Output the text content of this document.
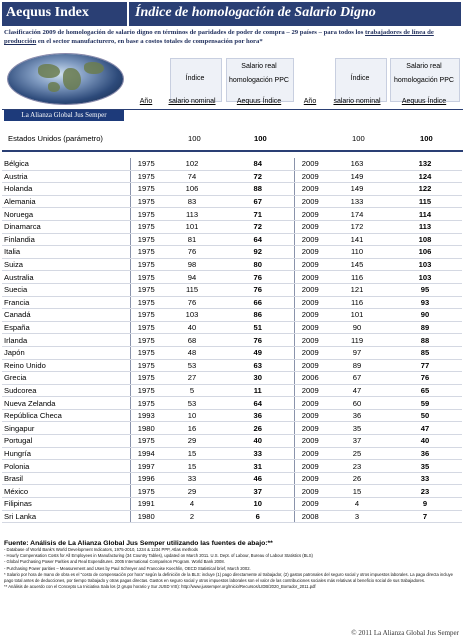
Aequus Index	Índice de homologación de Salario Digno
Clasificación 2009 de homologación de salario digno en términos de paridades de poder de compra – 29 países – para todos los trabajadores de línea de producción en el sector manufacturero, en base a costos totales de compensación por hora*
La Alianza Global Jus Semper
Índice
Salario real
homologación PPC	Índice
Salario real
homologación PPC
Año	salario nominal	Aequus Índice	Año	salario nominal	Aequus Índice
Estados Unidos (parámetro)	100	100	100	100
Bélgica	1975	102	84	2009	163	132
Austria	1975	74	72	2009	149	124
Holanda	1975	106	88	2009	149	122
Alemania	1975	83	67	2009	133	115
Noruega	1975	113	71	2009	174	114
Dinamarca	1975	101	72	2009	172	113
Finlandia	1975	81	64	2009	141	108
Italia	1975	76	92	2009	110	106
Suiza	1975	98	80	2009	145	103
Australia	1975	94	76	2009	116	103
Suecia	1975	115	76	2009	121	95
Francia	1975	76	66	2009	116	93
Canadá	1975	103	86	2009	101	90
España	1975	40	51	2009	90	89
Irlanda	1975	68	76	2009	119	88
Japón	1975	48	49	2009	97	85
Reino Unido	1975	53	63	2009	89	77
Grecia	1975	27	30	2006	67	76
Sudcorea	1975	5	11	2009	47	65
Nueva Zelanda	1975	53	64	2009	60	59
República Checa	1993	10	36	2009	36	50
Singapur	1980	16	26	2009	35	47
Portugal	1975	29	40	2009	37	40
Hungría	1994	15	33	2009	25	36
Polonia	1997	15	31	2009	23	35
Brasil	1996	33	46	2009	26	33
México	1975	29	37	2009	15	23
Filipinas	1991	4	10	2009	4	9
Sri Lanka	1980	2	6	2008	3	7
Fuente: Análisis de La Alianza Global Jus Semper utilizando las fuentes de abajo:**
- Database of World Bank's World Development Indicators, 1975-2010, 1234 & 1234 PPP, Atlas methods
- Hourly Compensation Costs for All Employees in Manufacturing (34 Country Tables), updated on March 2011. U.S. Dept. of Labour, Bureau of Labour Statistics (BLS)
- Global Purchasing Power Parities and Real Expenditures. 2005 International Comparison Program. World Bank 2008.
- Purchasing Power parities – Measurement and Uses by Paul Schreyer and Francoise Koechlin, OECD Statistical brief, March 2002.
* Salario por hora de mano de obra es el "costo de compensación por hora" según la definición de la BLS: incluye (1) pago directamente al trabajador, (2) gastos patronales del seguro social y otros impuestos laborales. La paga directa incluye pago total antes de deducciones, por tiempo trabajado y otras pagas directas. Gastos en seguro social y otros impuestos laborales son el valor de las contribuciones sociales más relativas al beneficio social de sus trabajadores.
** Análisis de acuerdo con el Concepto La Iniciativa Sala los (2 grupo horario y Sur JUSD VIS): http://www.jussemper.org/Inicio/Recursos/LIDB/2020_Borrador_2011.pdf
© 2011 La Alianza Global Jus Semper
